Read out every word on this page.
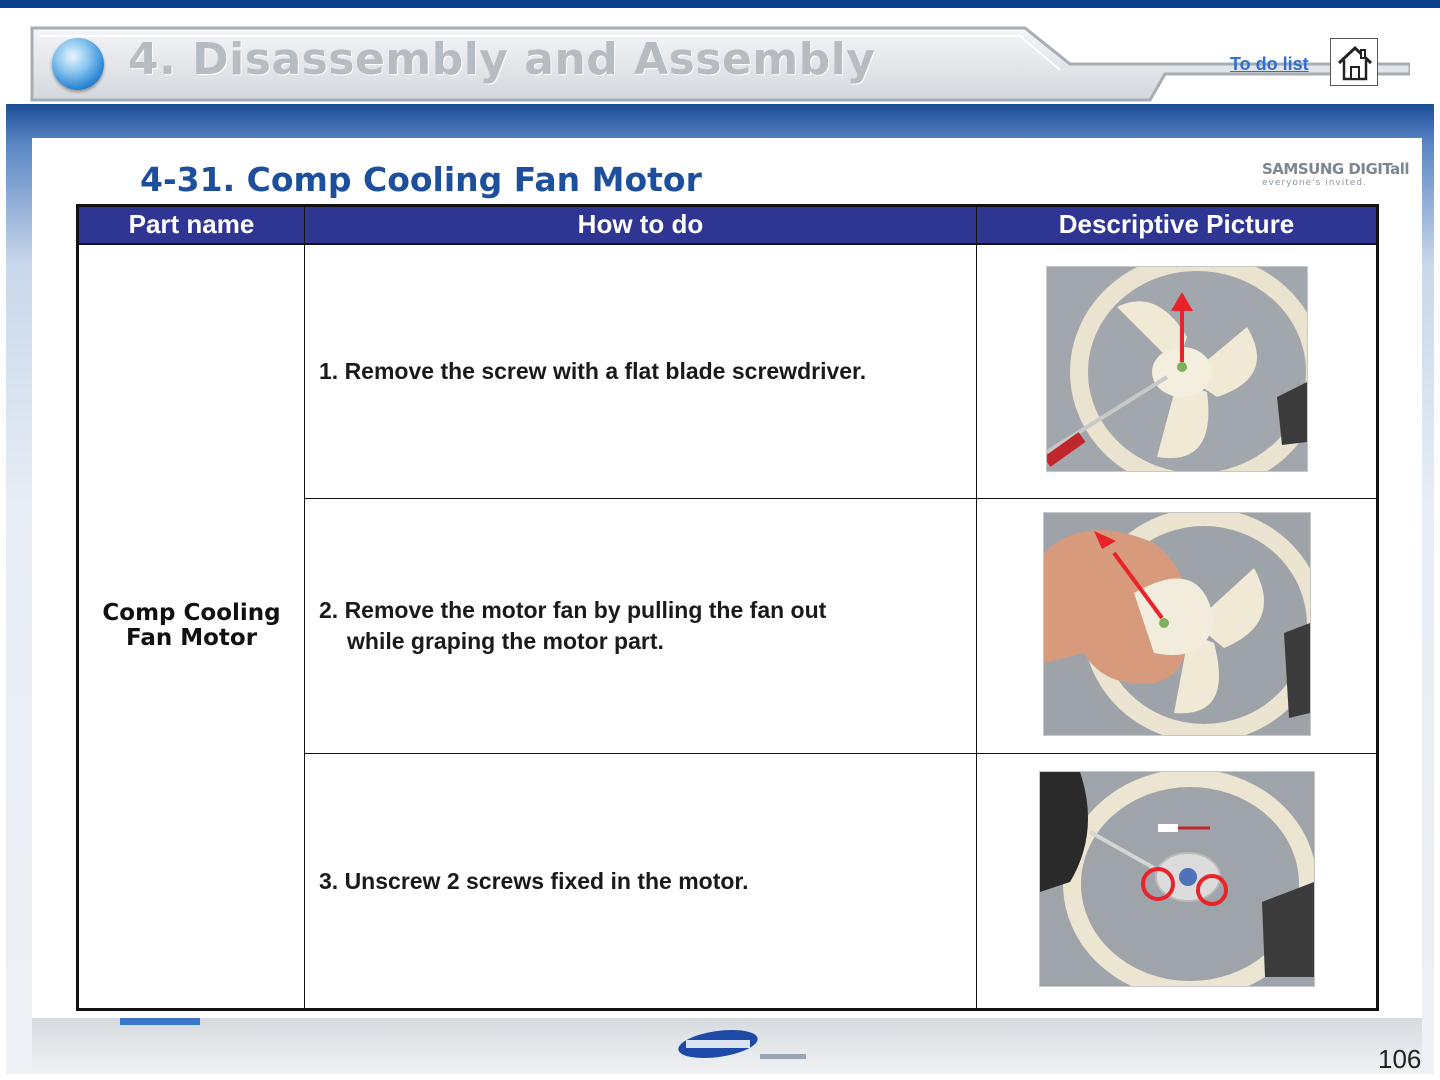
4. Disassembly and Assembly	To do list
SAMSUNG DIGITall
everyone's invited.
4-31. Comp Cooling Fan Motor
Part name	How to do	Descriptive Picture
Comp Cooling
Fan Motor	1. Remove the screw with a flat blade screwdriver.	
	2. Remove the motor fan by pulling the fan out
while graping the motor part.

	3. Unscrew 2 screws fixed in the motor.	
106
